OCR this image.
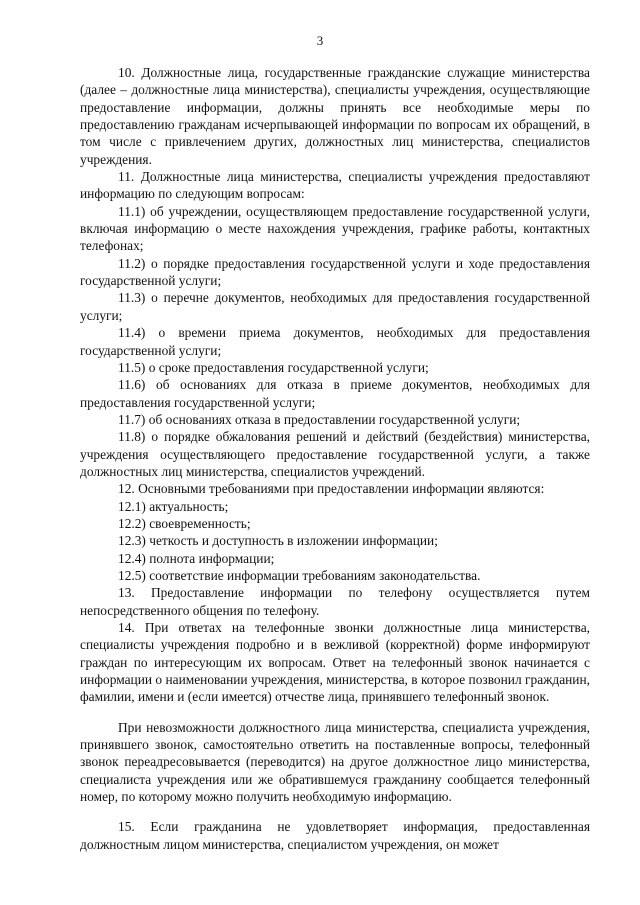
3

10. Должностные лица, государственные гражданские служащие министерства (далее – должностные лица министерства), специалисты учреждения, осуществляющие предоставление информации, должны принять все необходимые меры по предоставлению гражданам исчерпывающей информации по вопросам их обращений, в том числе с привлечением других, должностных лиц министерства, специалистов учреждения.

11. Должностные лица министерства, специалисты учреждения предоставляют информацию по следующим вопросам:

11.1) об учреждении, осуществляющем предоставление государственной услуги, включая информацию о месте нахождения учреждения, графике работы, контактных телефонах;

11.2) о порядке предоставления государственной услуги и ходе предоставления государственной услуги;

11.3) о перечне документов, необходимых для предоставления государственной услуги;

11.4) о времени приема документов, необходимых для предоставления государственной услуги;

11.5) о сроке предоставления государственной услуги;

11.6) об основаниях для отказа в приеме документов, необходимых для предоставления государственной услуги;

11.7) об основаниях отказа в предоставлении государственной услуги;

11.8) о порядке обжалования решений и действий (бездействия) министерства, учреждения осуществляющего предоставление государственной услуги, а также должностных лиц министерства, специалистов учреждений.

12. Основными требованиями при предоставлении информации являются:

12.1) актуальность;

12.2) своевременность;

12.3) четкость и доступность в изложении информации;

12.4) полнота информации;

12.5) соответствие информации требованиям законодательства.

13. Предоставление информации по телефону осуществляется путем непосредственного общения по телефону.

14. При ответах на телефонные звонки должностные лица министерства, специалисты учреждения подробно и в вежливой (корректной) форме информируют граждан по интересующим их вопросам. Ответ на телефонный звонок начинается с информации о наименовании учреждения, министерства, в которое позвонил гражданин, фамилии, имени и (если имеется) отчестве лица, принявшего телефонный звонок.

При невозможности должностного лица министерства, специалиста учреждения, принявшего звонок, самостоятельно ответить на поставленные вопросы, телефонный звонок переадресовывается (переводится) на другое должностное лицо министерства, специалиста учреждения или же обратившемуся гражданину сообщается телефонный номер, по которому можно получить необходимую информацию.

15. Если гражданина не удовлетворяет информация, предоставленная должностным лицом министерства, специалистом учреждения, он может
